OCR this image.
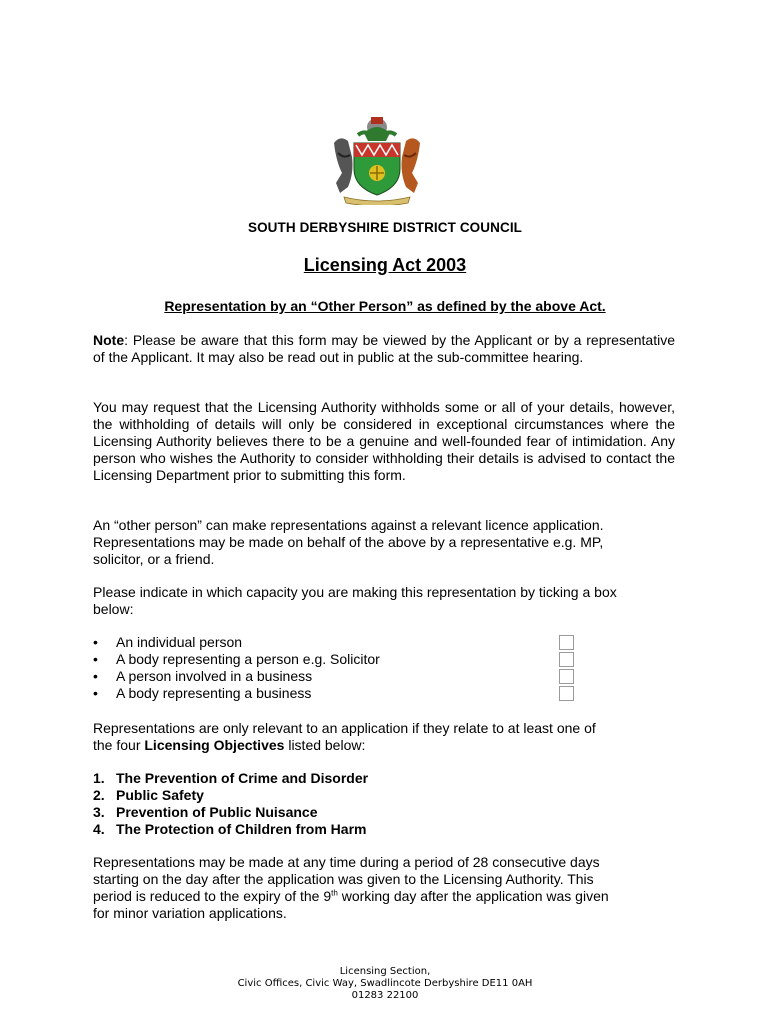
SOUTH DERBYSHIRE DISTRICT COUNCIL
Licensing Act 2003
Representation by an “Other Person” as defined by the above Act.
Note: Please be aware that this form may be viewed by the Applicant or by a representative of the Applicant. It may also be read out in public at the sub-committee hearing.
You may request that the Licensing Authority withholds some or all of your details, however, the withholding of details will only be considered in exceptional circumstances where the Licensing Authority believes there to be a genuine and well-founded fear of intimidation. Any person who wishes the Authority to consider withholding their details is advised to contact the Licensing Department prior to submitting this form.
An “other person” can make representations against a relevant licence application.
Representations may be made on behalf of the above by a representative e.g. MP,
solicitor, or a friend.
Please indicate in which capacity you are making this representation by ticking a box
below:
• An individual person
• A body representing a person e.g. Solicitor
• A person involved in a business
• A body representing a business
Representations are only relevant to an application if they relate to at least one of
the four Licensing Objectives listed below:
1. The Prevention of Crime and Disorder
2. Public Safety
3. Prevention of Public Nuisance
4. The Protection of Children from Harm
Representations may be made at any time during a period of 28 consecutive days
starting on the day after the application was given to the Licensing Authority. This
period is reduced to the expiry of the 9th working day after the application was given
for minor variation applications.
Licensing Section,
Civic Offices, Civic Way, Swadlincote Derbyshire DE11 0AH
01283 22100
